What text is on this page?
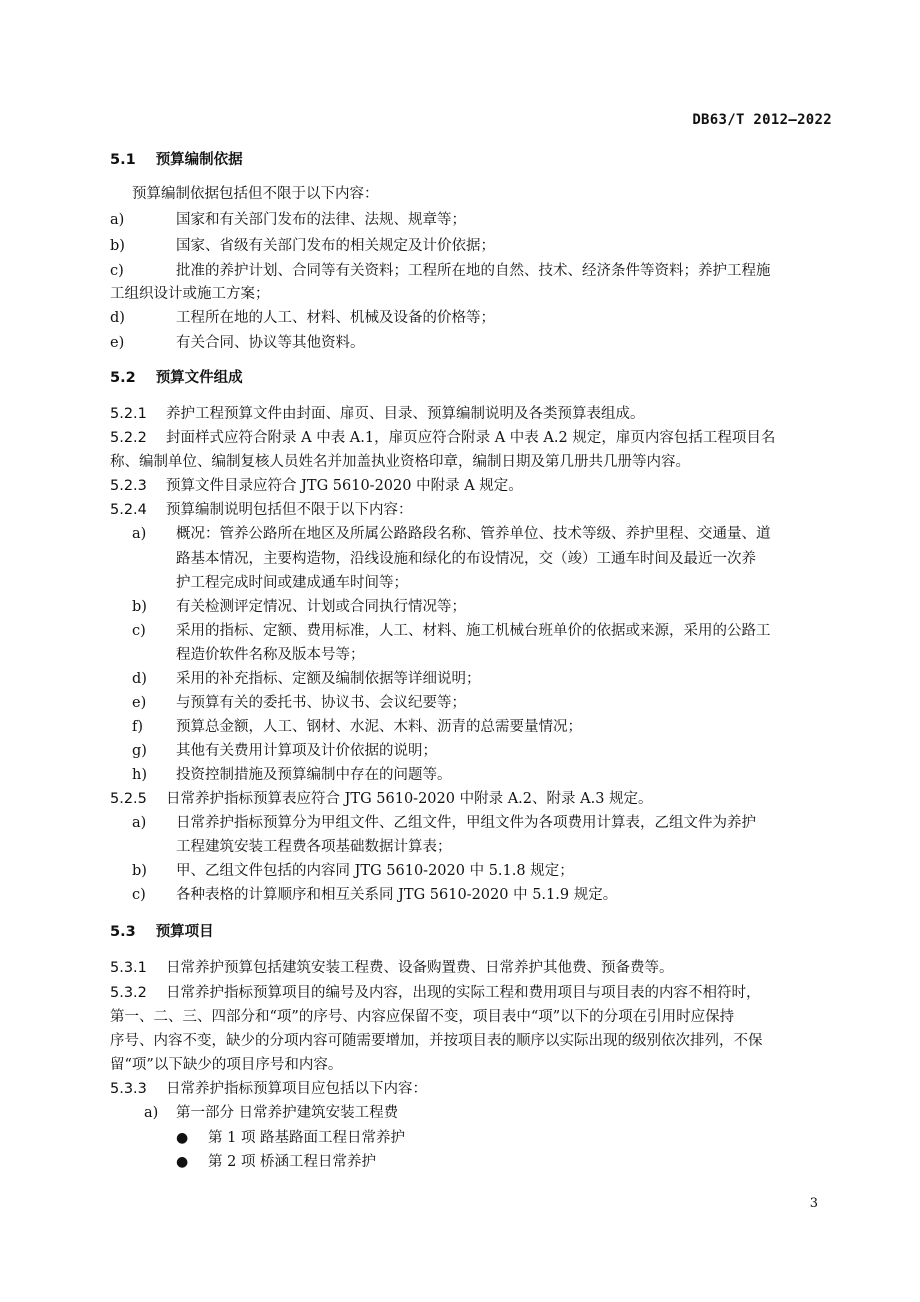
DB63/T 2012—2022
5.1 预算编制依据
预算编制依据包括但不限于以下内容：
a)	国家和有关部门发布的法律、法规、规章等；
b)	国家、省级有关部门发布的相关规定及计价依据；
c)	批准的养护计划、合同等有关资料；工程所在地的自然、技术、经济条件等资料；养护工程施
工组织设计或施工方案；
d)	工程所在地的人工、材料、机械及设备的价格等；
e)	有关合同、协议等其他资料。
5.2 预算文件组成
5.2.1 养护工程预算文件由封面、扉页、目录、预算编制说明及各类预算表组成。
5.2.2 封面样式应符合附录 A 中表 A.1，扉页应符合附录 A 中表 A.2 规定，扉页内容包括工程项目名
称、编制单位、编制复核人员姓名并加盖执业资格印章，编制日期及第几册共几册等内容。
5.2.3 预算文件目录应符合 JTG 5610-2020 中附录 A 规定。
5.2.4 预算编制说明包括但不限于以下内容：
a) 概况：管养公路所在地区及所属公路路段名称、管养单位、技术等级、养护里程、交通量、道
路基本情况，主要构造物，沿线设施和绿化的布设情况，交（竣）工通车时间及最近一次养
护工程完成时间或建成通车时间等；
b) 有关检测评定情况、计划或合同执行情况等；
c) 采用的指标、定额、费用标准，人工、材料、施工机械台班单价的依据或来源，采用的公路工
程造价软件名称及版本号等；
d) 采用的补充指标、定额及编制依据等详细说明；
e) 与预算有关的委托书、协议书、会议纪要等；
f) 预算总金额，人工、钢材、水泥、木料、沥青的总需要量情况；
g) 其他有关费用计算项及计价依据的说明；
h) 投资控制措施及预算编制中存在的问题等。
5.2.5 日常养护指标预算表应符合 JTG 5610-2020 中附录 A.2、附录 A.3 规定。
a) 日常养护指标预算分为甲组文件、乙组文件，甲组文件为各项费用计算表，乙组文件为养护
工程建筑安装工程费各项基础数据计算表；
b) 甲、乙组文件包括的内容同 JTG 5610-2020 中 5.1.8 规定；
c) 各种表格的计算顺序和相互关系同 JTG 5610-2020 中 5.1.9 规定。
5.3 预算项目
5.3.1 日常养护预算包括建筑安装工程费、设备购置费、日常养护其他费、预备费等。
5.3.2 日常养护指标预算项目的编号及内容，出现的实际工程和费用项目与项目表的内容不相符时，
第一、二、三、四部分和“项”的序号、内容应保留不变，项目表中“项”以下的分项在引用时应保持
序号、内容不变，缺少的分项内容可随需要增加，并按项目表的顺序以实际出现的级别依次排列，不保
留“项”以下缺少的项目序号和内容。
5.3.3 日常养护指标预算项目应包括以下内容：
a) 第一部分 日常养护建筑安装工程费
● 第 1 项 路基路面工程日常养护
● 第 2 项 桥涵工程日常养护
3
